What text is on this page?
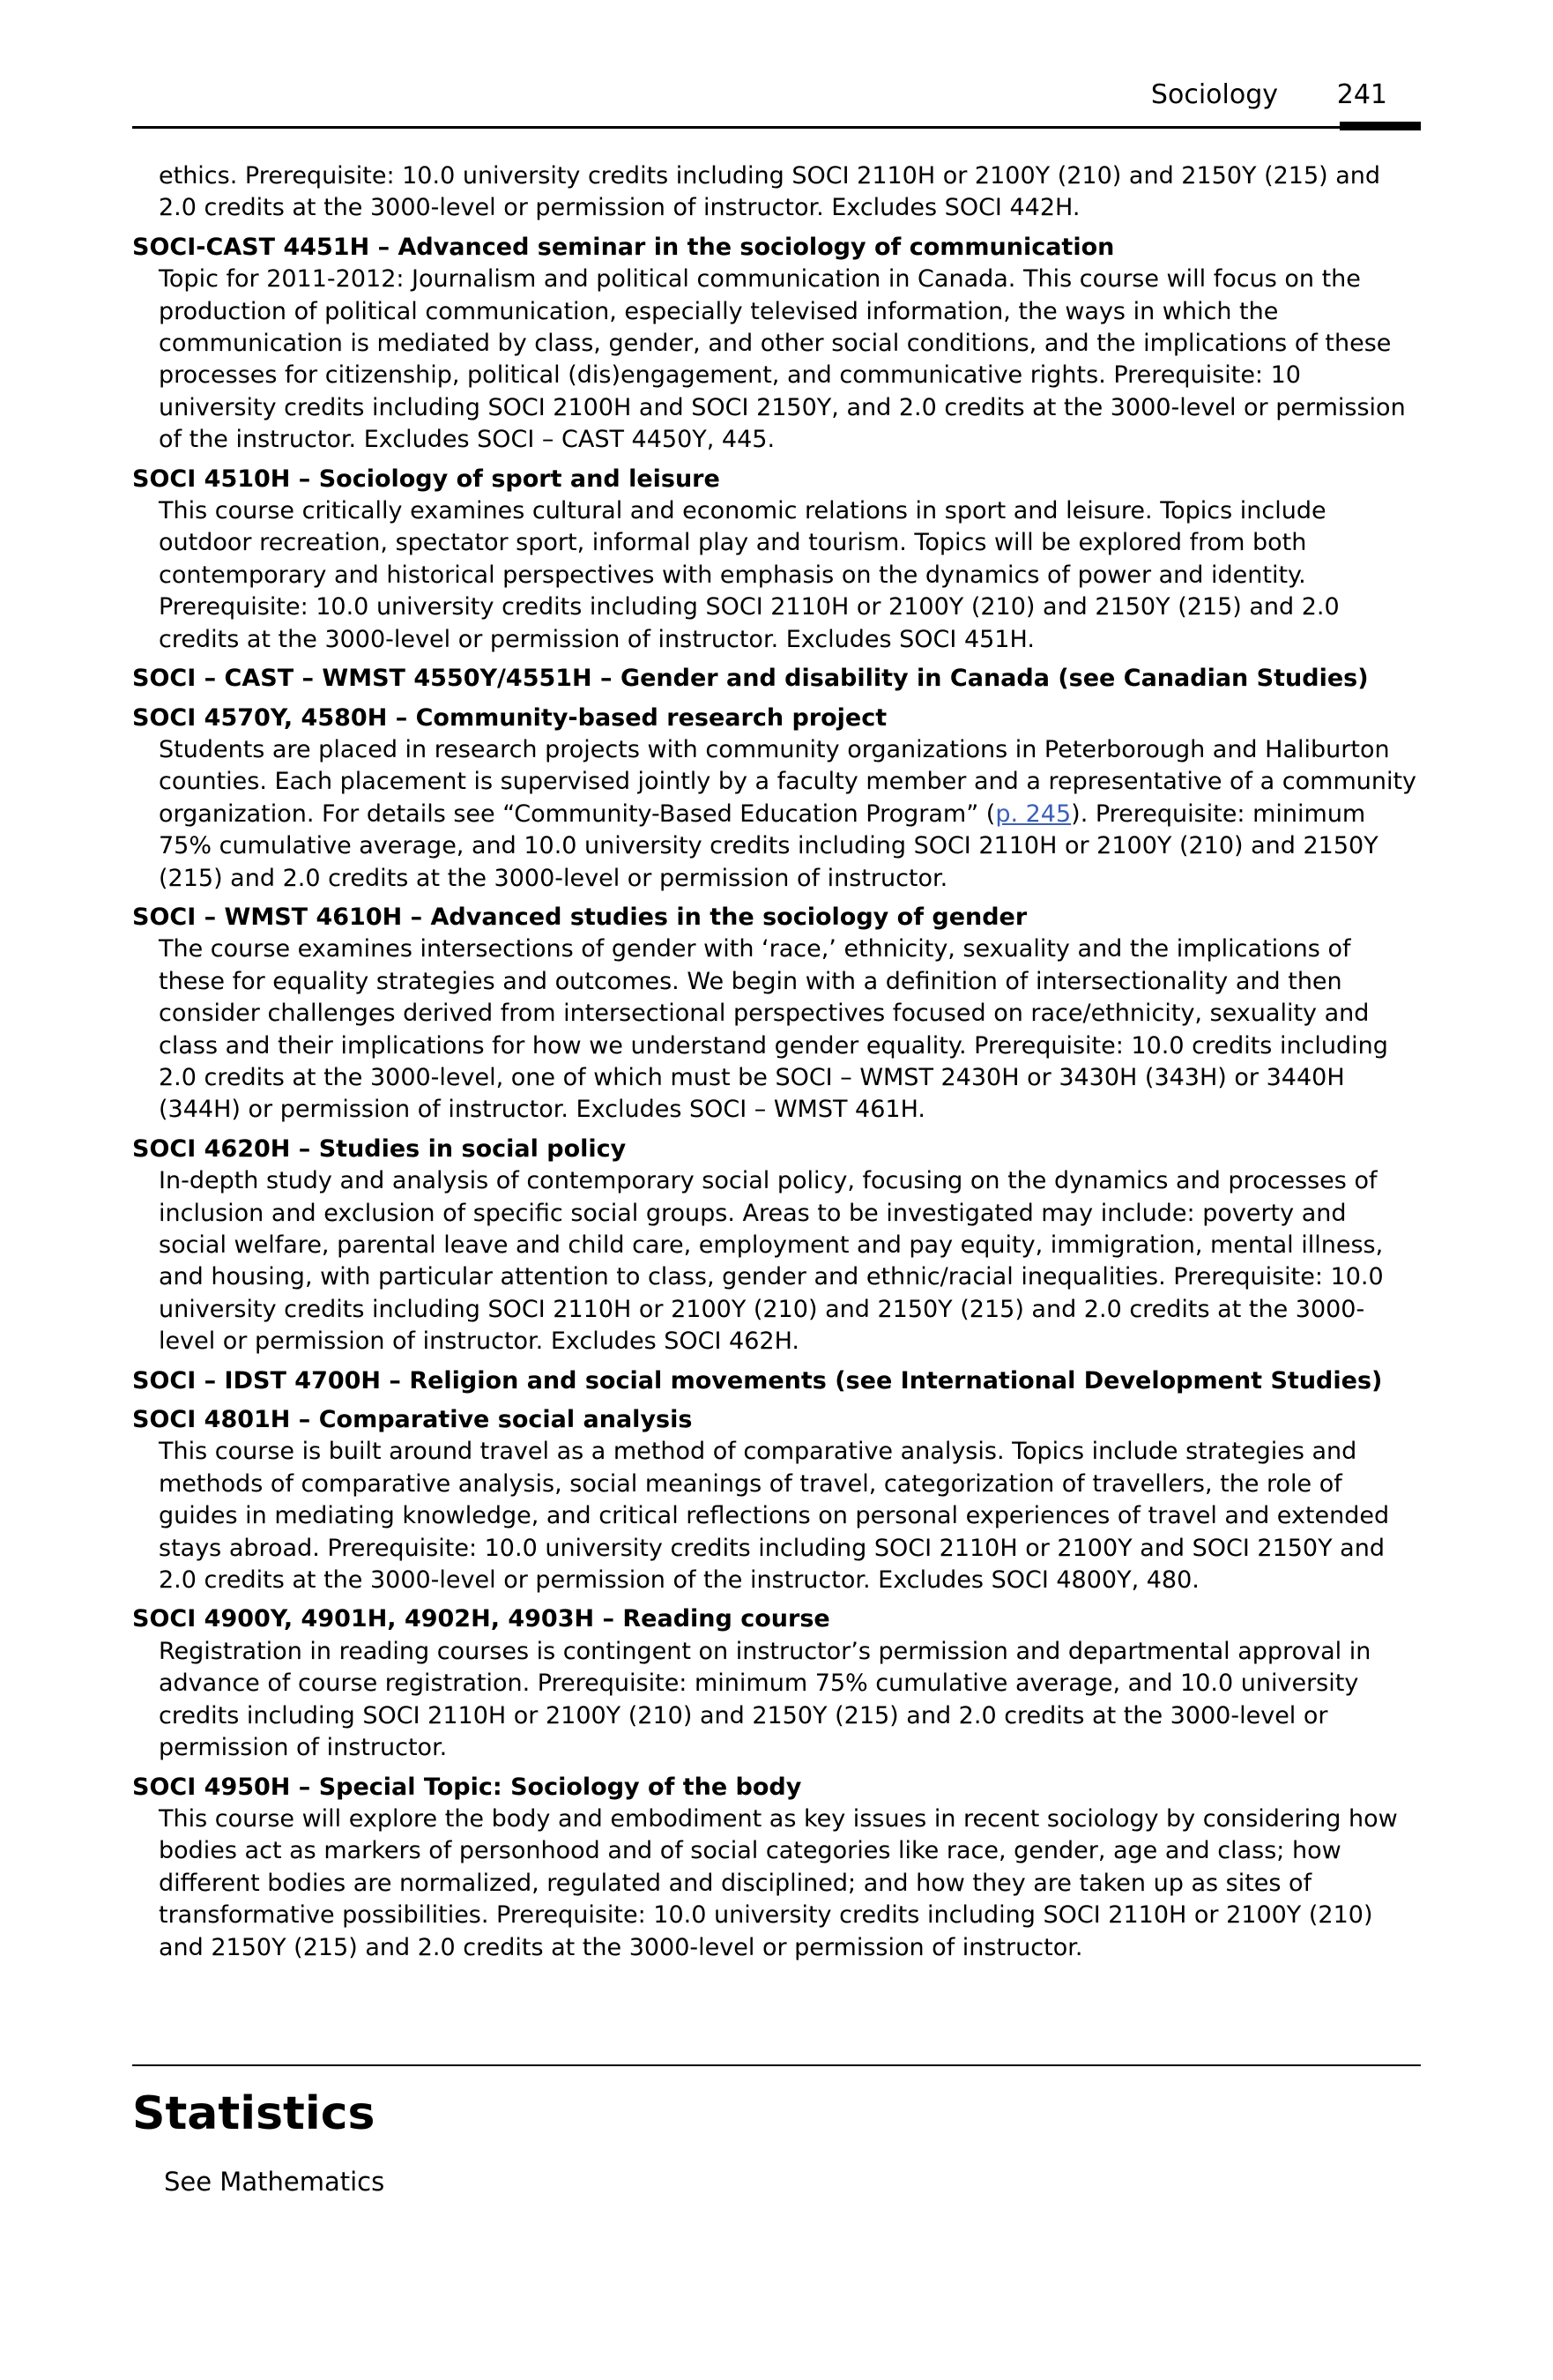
Sociology 241
ethics. Prerequisite: 10.0 university credits including SOCI 2110H or 2100Y (210) and 2150Y (215) and 2.0 credits at the 3000-level or permission of instructor. Excludes SOCI 442H.
SOCI-CAST 4451H – Advanced seminar in the sociology of communication
Topic for 2011-2012: Journalism and political communication in Canada. This course will focus on the production of political communication, especially televised information, the ways in which the communication is mediated by class, gender, and other social conditions, and the implications of these processes for citizenship, political (dis)engagement, and communicative rights. Prerequisite: 10 university credits including SOCI 2100H and SOCI 2150Y, and 2.0 credits at the 3000-level or permission of the instructor. Excludes SOCI – CAST 4450Y, 445.
SOCI 4510H – Sociology of sport and leisure
This course critically examines cultural and economic relations in sport and leisure. Topics include outdoor recreation, spectator sport, informal play and tourism. Topics will be explored from both contemporary and historical perspectives with emphasis on the dynamics of power and identity. Prerequisite: 10.0 university credits including SOCI 2110H or 2100Y (210) and 2150Y (215) and 2.0 credits at the 3000-level or permission of instructor. Excludes SOCI 451H.
SOCI – CAST – WMST 4550Y/4551H – Gender and disability in Canada (see Canadian Studies)
SOCI 4570Y, 4580H – Community-based research project
Students are placed in research projects with community organizations in Peterborough and Haliburton counties. Each placement is supervised jointly by a faculty member and a representative of a community organization. For details see “Community-Based Education Program” (p. 245). Prerequisite: minimum 75% cumulative average, and 10.0 university credits including SOCI 2110H or 2100Y (210) and 2150Y (215) and 2.0 credits at the 3000-level or permission of instructor.
SOCI – WMST 4610H – Advanced studies in the sociology of gender
The course examines intersections of gender with ‘race,’ ethnicity, sexuality and the implications of these for equality strategies and outcomes. We begin with a definition of intersectionality and then consider challenges derived from intersectional perspectives focused on race/ethnicity, sexuality and class and their implications for how we understand gender equality. Prerequisite: 10.0 credits including 2.0 credits at the 3000-level, one of which must be SOCI – WMST 2430H or 3430H (343H) or 3440H (344H) or permission of instructor. Excludes SOCI – WMST 461H.
SOCI 4620H – Studies in social policy
In-depth study and analysis of contemporary social policy, focusing on the dynamics and processes of inclusion and exclusion of specific social groups. Areas to be investigated may include: poverty and social welfare, parental leave and child care, employment and pay equity, immigration, mental illness, and housing, with particular attention to class, gender and ethnic/racial inequalities. Prerequisite: 10.0 university credits including SOCI 2110H or 2100Y (210) and 2150Y (215) and 2.0 credits at the 3000-level or permission of instructor. Excludes SOCI 462H.
SOCI – IDST 4700H – Religion and social movements (see International Development Studies)
SOCI 4801H – Comparative social analysis
This course is built around travel as a method of comparative analysis. Topics include strategies and methods of comparative analysis, social meanings of travel, categorization of travellers, the role of guides in mediating knowledge, and critical reflections on personal experiences of travel and extended stays abroad. Prerequisite: 10.0 university credits including SOCI 2110H or 2100Y and SOCI 2150Y and 2.0 credits at the 3000-level or permission of the instructor. Excludes SOCI 4800Y, 480.
SOCI 4900Y, 4901H, 4902H, 4903H – Reading course
Registration in reading courses is contingent on instructor’s permission and departmental approval in advance of course registration. Prerequisite: minimum 75% cumulative average, and 10.0 university credits including SOCI 2110H or 2100Y (210) and 2150Y (215) and 2.0 credits at the 3000-level or permission of instructor.
SOCI 4950H – Special Topic: Sociology of the body
This course will explore the body and embodiment as key issues in recent sociology by considering how bodies act as markers of personhood and of social categories like race, gender, age and class; how different bodies are normalized, regulated and disciplined; and how they are taken up as sites of transformative possibilities. Prerequisite: 10.0 university credits including SOCI 2110H or 2100Y (210) and 2150Y (215) and 2.0 credits at the 3000-level or permission of instructor.
Statistics
See Mathematics
